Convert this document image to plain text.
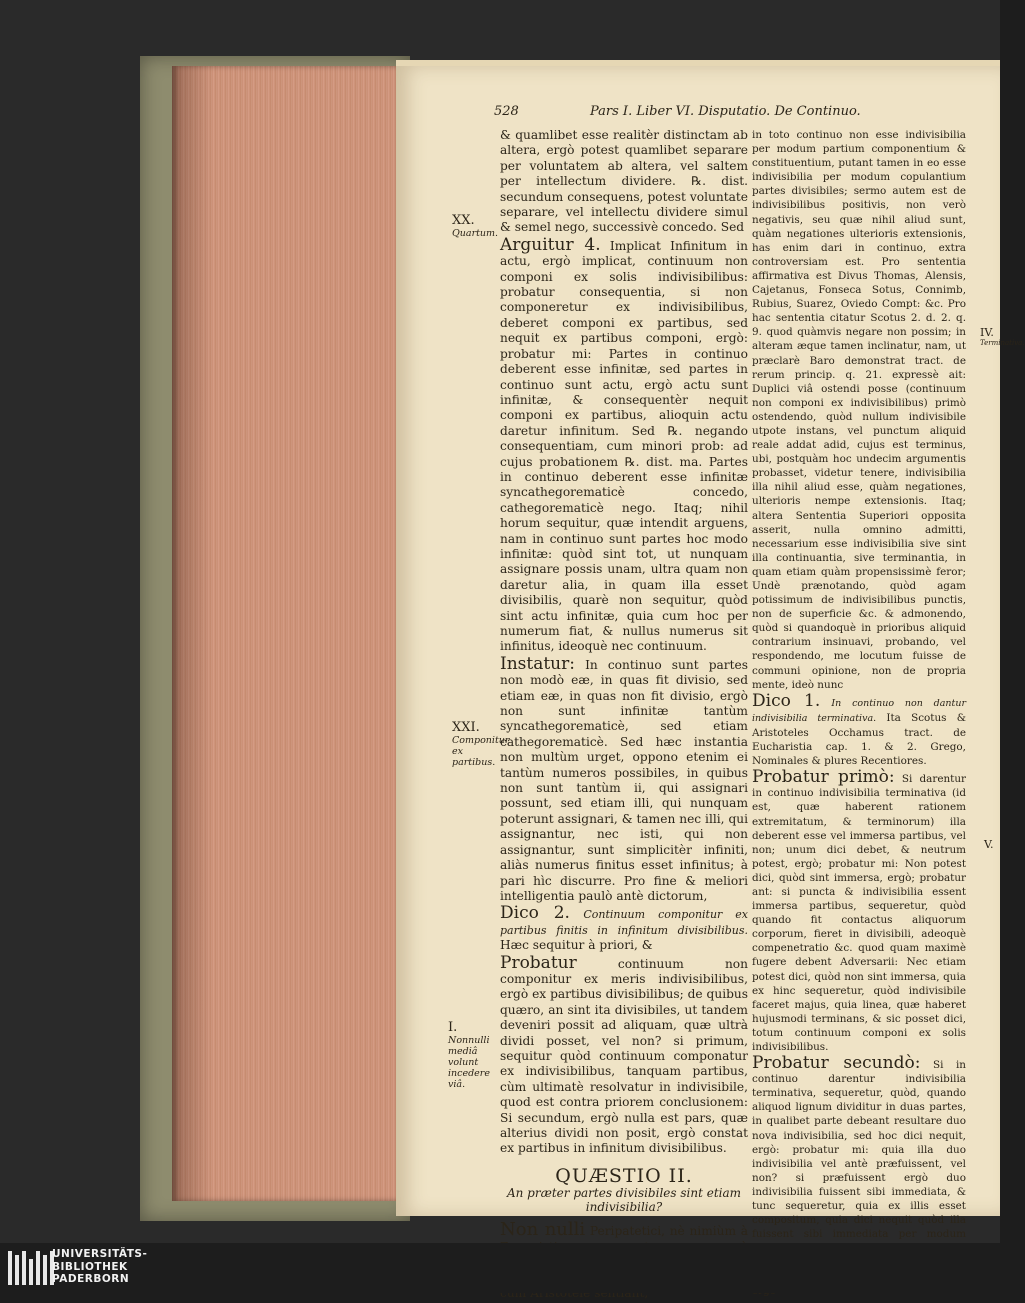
528	Pars I. Liber VI. Disputatio. De Continuo.
XX.
Quartum.
XXI.
Componitur ex partibus.
I.
Nonnulli mediâ volunt incedere viâ.
IV.
Terminativa.
V.

& quamlibet esse realitèr distinctam ab altera, ergò potest quamlibet separare per voluntatem ab altera, vel saltem per intellectum dividere. ℞. dist. secundum consequens, potest voluntate separare, vel intellectu dividere simul & semel nego, successivè concedo. Sed

Arguitur 4. Implicat Infinitum in actu, ergò implicat, continuum non componi ex solis indivisibilibus: probatur consequentia, si non componeretur ex indivisibilibus, deberet componi ex partibus, sed nequit ex partibus componi, ergò: probatur mi: Partes in continuo deberent esse infinitæ, sed partes in continuo sunt actu, ergò actu sunt infinitæ, & consequentèr nequit componi ex partibus, alioquin actu daretur infinitum. Sed ℞. negando consequentiam, cum minori prob: ad cujus probationem ℞. dist. ma. Partes in continuo deberent esse infinitæ syncathegorematicè concedo, cathegorematicè nego. Itaq; nihil horum sequitur, quæ intendit arguens, nam in continuo sunt partes hoc modo infinitæ: quòd sint tot, ut nunquam assignare possis unam, ultra quam non daretur alia, in quam illa esset divisibilis, quarè non sequitur, quòd sint actu infinitæ, quia cum hoc per numerum fiat, & nullus numerus sit infinitus, ideoquè nec continuum.

Instatur: In continuo sunt partes non modò eæ, in quas fit divisio, sed etiam eæ, in quas non fit divisio, ergò non sunt infinitæ tantùm syncathegorematicè, sed etiam cathegorematicè. Sed hæc instantia non multùm urget, oppono etenim ei tantùm numeros possibiles, in quibus non sunt tantùm ii, qui assignari possunt, sed etiam illi, qui nunquam poterunt assignari, & tamen nec illi, qui assignantur, nec isti, qui non assignantur, sunt simplicitèr infiniti, aliàs numerus finitus esset infinitus; à pari hìc discurre. Pro fine & meliori intelligentia paulò antè dictorum,

Dico 2. Continuum componitur ex partibus finitis in infinitum divisibilibus. Hæc sequitur à priori, &

Probatur	continuum non componitur ex meris indivisibilibus, ergò ex partibus divisibilibus; de quibus quæro, an sint ita divisibiles, ut tandem deveniri possit ad aliquam, quæ ultrà dividi posset, vel non? si primum, sequitur quòd continuum componatur ex indivisibilibus, tanquam partibus, cùm ultimatè resolvatur in indivisibile, quod est contra priorem conclusionem: Si secundum, ergò nulla est pars, quæ alterius dividi non posit, ergò constat ex partibus in infinitum divisibilibus.

QUÆSTIO II.

An præter partes divisibiles sint etiam indivisibilia?

Non nulli Peripatetici, nè nimiùm à

in toto continuo non esse indivisibilia per modum partium componentium & constituentium, putant tamen in eo esse indivisibilia per modum copulantium partes divisibiles; sermo autem est de indivisibilibus positivis, non verò negativis, seu quæ nihil aliud sunt, quàm negationes ulterioris extensionis, has enim dari in continuo, extra controversiam est. Pro sententia affirmativa est Divus Thomas, Alensis, Cajetanus, Fonseca Sotus, Connimb, Rubius, Suarez, Oviedo Compt: &c. Pro hac sententia citatur Scotus 2. d. 2. q. 9. quod quàmvis negare non possim; in alteram æque tamen inclinatur, nam, ut præclarè Baro demonstrat tract. de rerum princip. q. 21. expressè ait: Duplici viâ ostendi posse (continuum non componi ex indivisibilibus) primò ostendendo, quòd nullum indivisibile utpote instans, vel punctum aliquid reale addat adid, cujus est terminus, ubi, postquàm hoc undecim argumentis probasset, videtur tenere, indivisibilia illa nihil aliud esse, quàm negationes, ulterioris nempe extensionis. Itaq; altera Sententia Superiori opposita asserit, nulla omnino admitti, necessarium esse indivisibilia sive sint illa continuantia, sive terminantia, in quam etiam quàm propensissimè feror; Undè prænotando, quòd agam potissimum de indivisibilibus punctis, non de superficie &c. & admonendo, quòd si quandoquè in prioribus aliquid contrarium insinuavi, probando, vel respondendo, me locutum fuisse de communi opinione, non de propria mente, ideò nunc

Dico 1. In continuo non dantur indivisibilia terminativa. Ita Scotus & Aristoteles Occhamus tract. de Eucharistia cap. 1. & 2. Grego, Nominales & plures Recentiores.

Probatur primò: Si darentur in continuo indivisibilia terminativa (id est, quæ haberent rationem extremitatum, & terminorum) illa deberent esse vel immersa partibus, vel non; unum dici debet, & neutrum potest, ergò; probatur mi: Non potest dici, quòd sint immersa, ergò; probatur ant: si puncta & indivisibilia essent immersa partibus, sequeretur, quòd quando fit contactus aliquorum corporum, fieret in divisibili, adeoquè compenetratio &c. quod quam maximè fugere debent Adversarii: Nec etiam potest dici, quòd non sint immersa, quia ex hinc sequeretur, quòd indivisibile faceret majus, quia linea, quæ haberet hujusmodi terminans, & sic posset dici, totum continuum componi ex solis indivisibilibus.

Probatur secundò: Si in continuo darentur indivisibilia terminativa, sequeretur, quòd, quando aliquod lignum dividitur in duas partes, in qualibet parte debeant resultare duo nova indivisibilia, sed hoc dici nequit, ergò: probatur mi: quia illa duo indivisibilia vel antè præfuissent, vel non? si præfuissent ergò duo indivisibilia fuissent sibi immediata, & tunc sequeretur, quia ex illis esset compositum, quia dici nequit quòd illa fuissent sibi immediata per modum

UNIVERSITÄTS-
BIBLIOTHEK
PADERBORN
